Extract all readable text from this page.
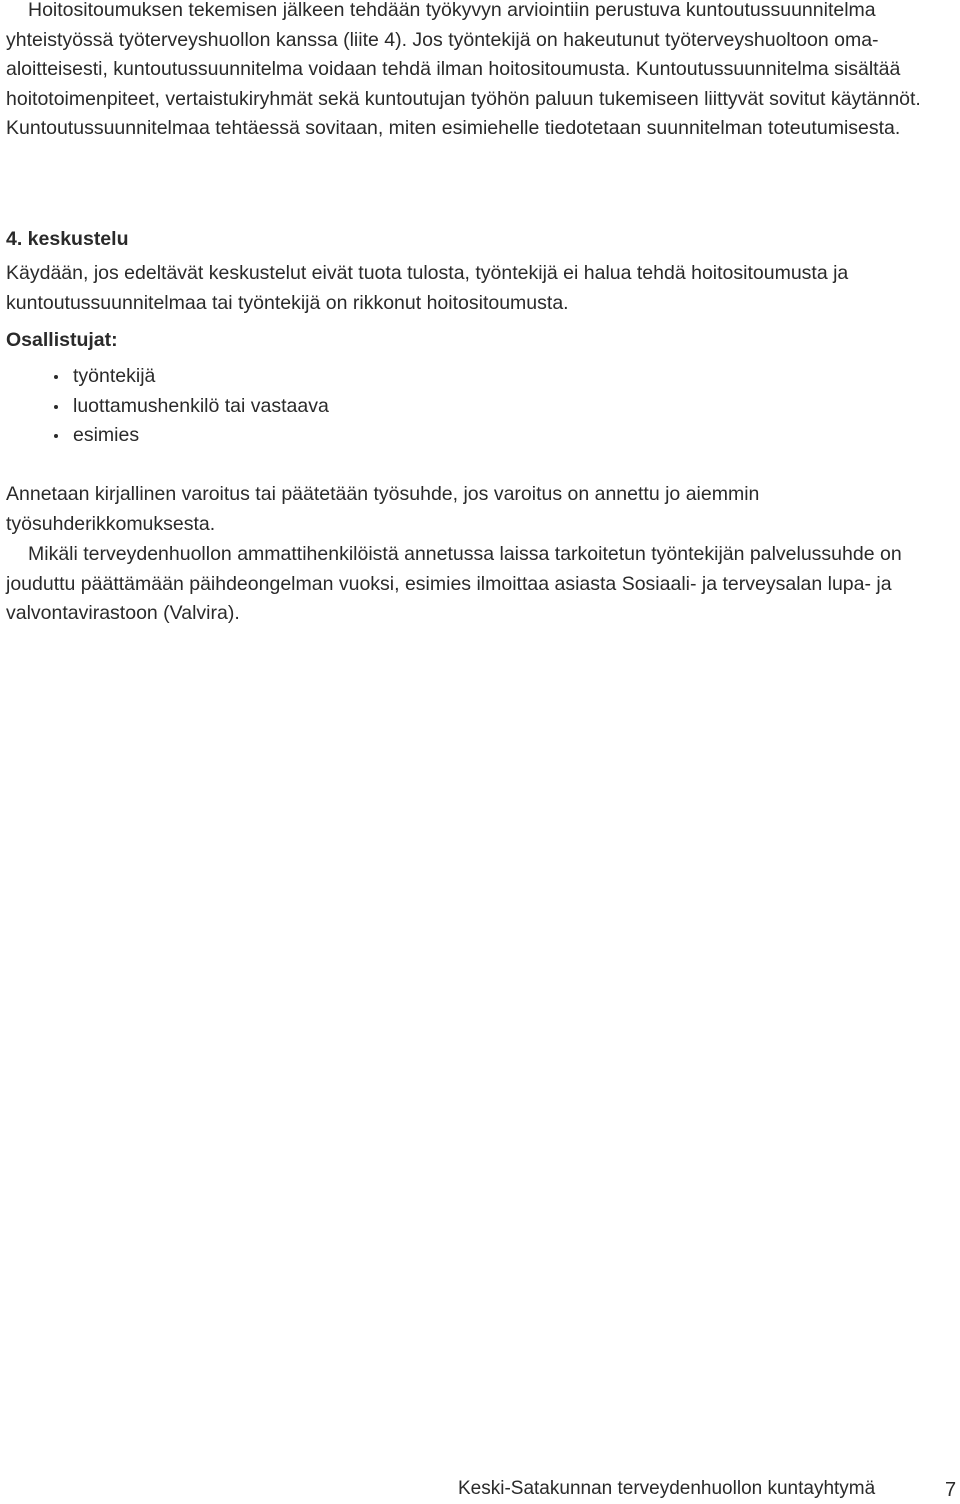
Hoitositoumuksen tekemisen jälkeen tehdään työkyvyn arviointiin perustuva kuntoutussuunnitelma yhteistyössä työterveyshuollon kanssa (liite 4). Jos työntekijä on hakeutunut työterveyshuoltoon oma-aloitteisesti, kuntoutussuunnitelma voidaan tehdä ilman hoitositoumusta. Kuntoutussuunnitelma sisältää hoitotoimenpiteet, vertaistukiryhmät sekä kuntoutujan työhön paluun tukemiseen liittyvät sovitut käytännöt. Kuntoutussuunnitelmaa tehtäessä sovitaan, miten esimiehelle tiedotetaan suunnitelman toteutumisesta.

4. keskustelu

Käydään, jos edeltävät keskustelut eivät tuota tulosta, työntekijä ei halua tehdä hoitositoumusta ja kuntoutussuunnitelmaa tai työntekijä on rikkonut hoitositoumusta.

Osallistujat:

työntekijä
luottamushenkilö tai vastaava
esimies

Annetaan kirjallinen varoitus tai päätetään työsuhde, jos varoitus on annettu jo aiemmin työsuhderikkomuksesta.

Mikäli terveydenhuollon ammattihenkilöistä annetussa laissa tarkoitetun työntekijän palvelussuhde on jouduttu päättämään päihdeongelman vuoksi, esimies ilmoittaa asiasta Sosiaali- ja terveysalan lupa- ja valvontavirastoon (Valvira).

Keski-Satakunnan terveydenhuollon kuntayhtymä	7
